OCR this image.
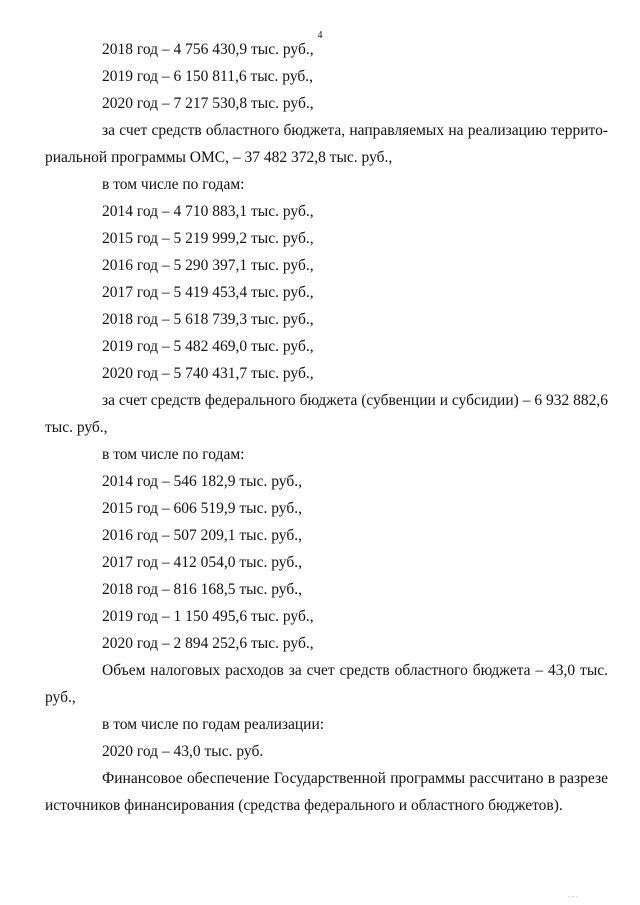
4
2018 год – 4 756 430,9 тыс. руб.,
2019 год – 6 150 811,6 тыс. руб.,
2020 год – 7 217 530,8 тыс. руб.,
за счет средств областного бюджета, направляемых на реализацию террито-
риальной программы ОМС, – 37 482 372,8 тыс. руб.,
в том числе по годам:
2014 год – 4 710 883,1 тыс. руб.,
2015 год – 5 219 999,2 тыс. руб.,
2016 год – 5 290 397,1 тыс. руб.,
2017 год – 5 419 453,4 тыс. руб.,
2018 год – 5 618 739,3 тыс. руб.,
2019 год – 5 482 469,0 тыс. руб.,
2020 год – 5 740 431,7 тыс. руб.,
за счет средств федерального бюджета (субвенции и субсидии) – 6 932 882,6
тыс. руб.,
в том числе по годам:
2014 год – 546 182,9 тыс. руб.,
2015 год – 606 519,9 тыс. руб.,
2016 год – 507 209,1 тыс. руб.,
2017 год – 412 054,0 тыс. руб.,
2018 год – 816 168,5 тыс. руб.,
2019 год – 1 150 495,6 тыс. руб.,
2020 год – 2 894 252,6 тыс. руб.,
Объем налоговых расходов за счет средств областного бюджета – 43,0 тыс.
руб.,
в том числе по годам реализации:
2020 год – 43,0 тыс. руб.
Финансовое обеспечение Государственной программы рассчитано в разрезе
источников финансирования (средства федерального и областного бюджетов).
....
